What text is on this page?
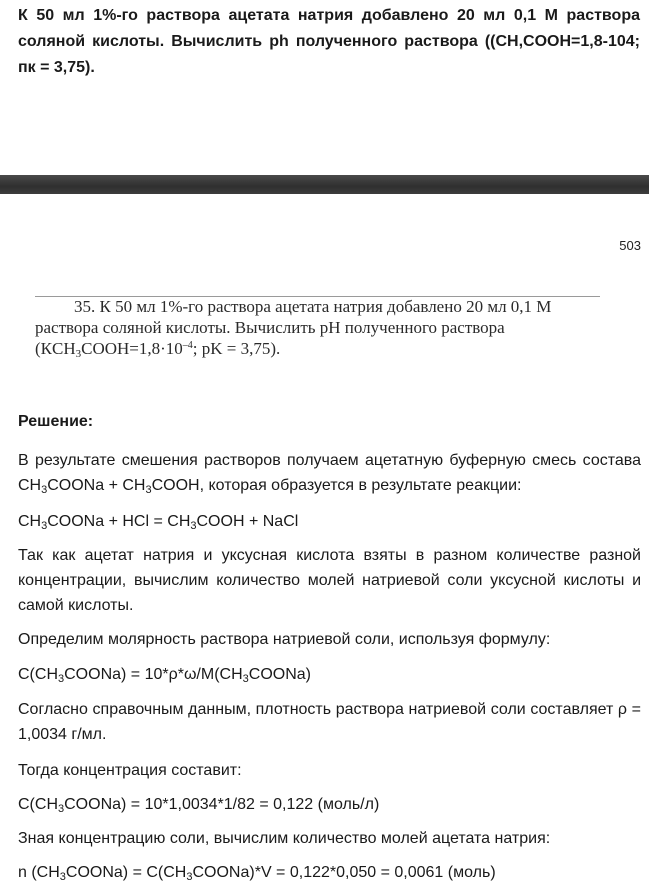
К 50 мл 1%-го раствора ацетата натрия добавлено 20 мл 0,1 М раствора соляной кислоты. Вычислить ph полученного раствора ((CH,COOH=1,8-104; пк = 3,75).
503
35. К 50 мл 1%-го раствора ацетата натрия добавлено 20 мл 0,1 М
раствора соляной кислоты. Вычислить pH полученного раствора
($КCH_3COOH=1,8\cdot 10^{-4}$; pK = 3,75).
Решение:
В результате смешения растворов получаем ацетатную буферную смесь состава $CH_3COONa$ + $CH_3COOH$, которая образуется в результате реакции:
$CH_3COONa$ + HCl = $CH_3COOH$ + NaCl
Так как ацетат натрия и уксусная кислота взяты в разном количестве разной концентрации, вычислим количество молей натриевой соли уксусной кислоты и самой кислоты.
Определим молярность раствора натриевой соли, используя формулу:
$C(CH_3COONa)$ = $10*\rho*\omega/M(CH_3COONa)$
Согласно справочным данным, плотность раствора натриевой соли составляет ρ = 1,0034 г/мл.
Тогда концентрация составит:
$C(CH_3COONa) = 10*1,0034*1/82 = 0,122$ (моль/л)
Зная концентрацию соли, вычислим количество молей ацетата натрия:
n $(CH_3COONa)$ = $C(CH_3COONa)*V = 0,122*0,050 = 0,0061$ (моль)
